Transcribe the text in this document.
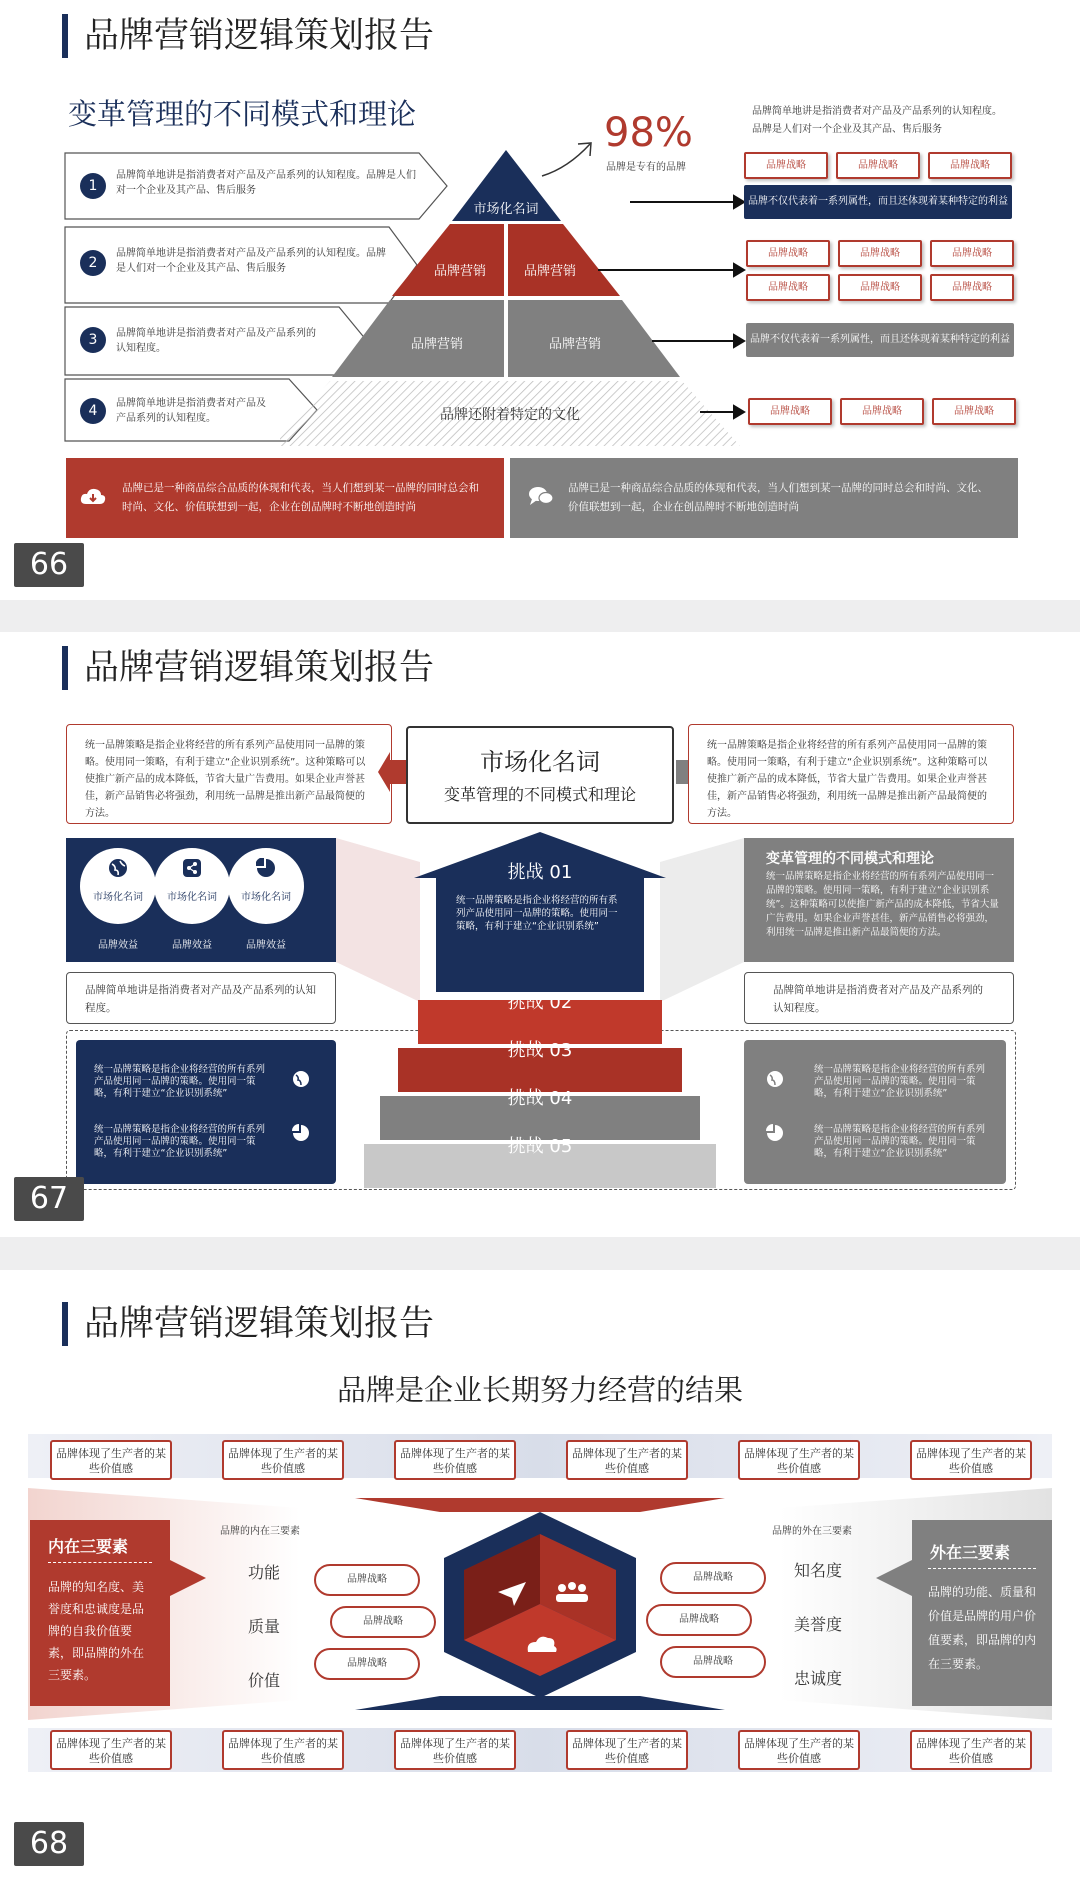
品牌营销逻辑策划报告
变革管理的不同模式和理论
1
品牌简单地讲是指消费者对产品及产品系列的认知程度。品牌是人们对一个企业及其产品、售后服务
2
品牌简单地讲是指消费者对产品及产品系列的认知程度。品牌是人们对一个企业及其产品、售后服务
3	品牌简单地讲是指消费者对产品及产品系列的认知程度。
4	品牌简单地讲是指消费者对产品及产品系列的认知程度。
市场化名词
品牌营销	品牌营销
品牌营销	品牌营销
品牌还附着特定的文化
98%
品牌是专有的品牌
品牌简单地讲是指消费者对产品及产品系列的认知程度。
品牌是人们对一个企业及其产品、售后服务
品牌战略	品牌战略	品牌战略
品牌不仅代表着一系列属性，而且还体现着某种特定的利益
品牌战略	品牌战略	品牌战略
品牌战略	品牌战略	品牌战略
品牌不仅代表着一系列属性，而且还体现着某种特定的利益
品牌战略	品牌战略	品牌战略
品牌已是一种商品综合品质的体现和代表，当人们想到某一品牌的同时总会和时尚、文化、价值联想到一起，企业在创品牌时不断地创造时尚
品牌已是一种商品综合品质的体现和代表，当人们想到某一品牌的同时总会和时尚、文化、价值联想到一起，企业在创品牌时不断地创造时尚
66
品牌营销逻辑策划报告
统一品牌策略是指企业将经营的所有系列产品使用同一品牌的策略。使用同一策略，有利于建立“企业识别系统”。这种策略可以使推广新产品的成本降低，节省大量广告费用。如果企业声誉甚佳，新产品销售必将强劲，利用统一品牌是推出新产品最简便的方法。
市场化名词
变革管理的不同模式和理论
统一品牌策略是指企业将经营的所有系列产品使用同一品牌的策略。使用同一策略，有利于建立“企业识别系统”。这种策略可以使推广新产品的成本降低，节省大量广告费用。如果企业声誉甚佳，新产品销售必将强劲，利用统一品牌是推出新产品最简便的方法。
市场化名词	市场化名词	市场化名词
品牌效益	品牌效益	品牌效益
变革管理的不同模式和理论
统一品牌策略是指企业将经营的所有系列产品使用同一品牌的策略。使用同一策略，有利于建立“企业识别系统”。这种策略可以使推广新产品的成本降低，节省大量广告费用。如果企业声誉甚佳，新产品销售必将强劲，利用统一品牌是推出新产品最简便的方法。
品牌简单地讲是指消费者对产品及产品系列的认知程度。
品牌简单地讲是指消费者对产品及产品系列的认知程度。
挑战 01
统一品牌策略是指企业将经营的所有系列产品使用同一品牌的策略。使用同一策略，有利于建立“企业识别系统”
挑战 02
挑战 03
挑战 04
挑战 05
统一品牌策略是指企业将经营的所有系列产品使用同一品牌的策略。使用同一策略，有利于建立“企业识别系统”
统一品牌策略是指企业将经营的所有系列产品使用同一品牌的策略。使用同一策略，有利于建立“企业识别系统”
统一品牌策略是指企业将经营的所有系列产品使用同一品牌的策略。使用同一策略，有利于建立“企业识别系统”
统一品牌策略是指企业将经营的所有系列产品使用同一品牌的策略。使用同一策略，有利于建立“企业识别系统”
67
品牌营销逻辑策划报告
品牌是企业长期努力经营的结果
品牌体现了生产者的某些价值感
品牌体现了生产者的某些价值感
品牌体现了生产者的某些价值感
品牌体现了生产者的某些价值感
品牌体现了生产者的某些价值感
品牌体现了生产者的某些价值感
内在三要素
品牌的知名度、美誉度和忠诚度是品牌的自我价值要素，即品牌的外在三要素。
外在三要素
品牌的功能、质量和价值是品牌的用户价值要素，即品牌的内在三要素。
品牌的内在三要素	品牌的外在三要素
功能
质量
价值
知名度
美誉度
忠诚度
品牌战略
品牌战略
品牌战略
品牌战略
品牌战略
品牌战略
品牌体现了生产者的某些价值感
品牌体现了生产者的某些价值感
品牌体现了生产者的某些价值感
品牌体现了生产者的某些价值感
品牌体现了生产者的某些价值感
品牌体现了生产者的某些价值感
68
